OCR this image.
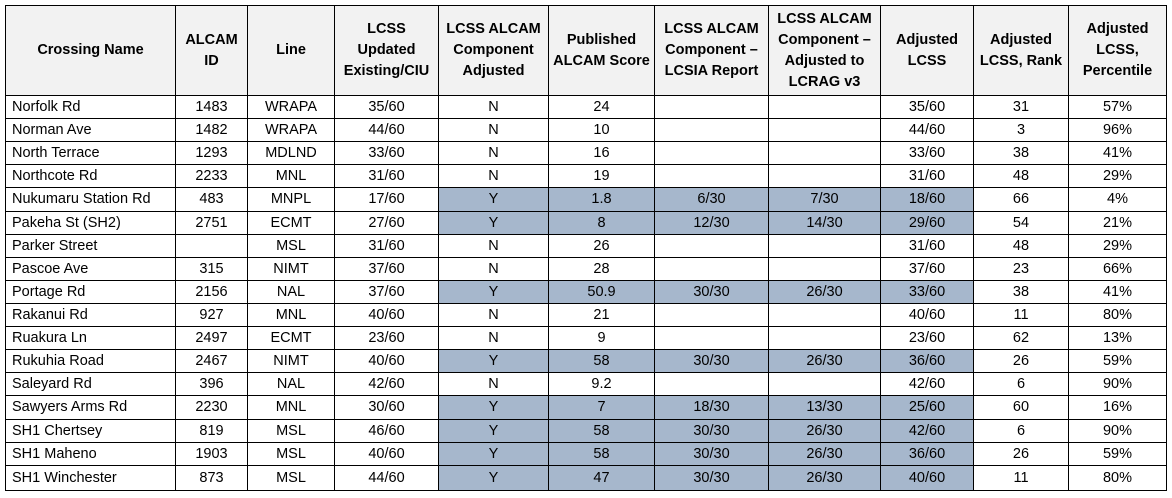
Crossing Name	ALCAM ID	Line	LCSS Updated Existing/CIU	LCSS ALCAM Component Adjusted	Published ALCAM Score	LCSS ALCAM Component – LCSIA Report	LCSS ALCAM Component – Adjusted to LCRAG v3	Adjusted LCSS	Adjusted LCSS, Rank	Adjusted LCSS, Percentile
Norfolk Rd	1483	WRAPA	35/60	N	24			35/60	31	57%
Norman Ave	1482	WRAPA	44/60	N	10			44/60	3	96%
North Terrace	1293	MDLND	33/60	N	16			33/60	38	41%
Northcote Rd	2233	MNL	31/60	N	19			31/60	48	29%
Nukumaru Station Rd	483	MNPL	17/60	Y	1.8	6/30	7/30	18/60	66	4%
Pakeha St (SH2)	2751	ECMT	27/60	Y	8	12/30	14/30	29/60	54	21%
Parker Street		MSL	31/60	N	26			31/60	48	29%
Pascoe Ave	315	NIMT	37/60	N	28			37/60	23	66%
Portage Rd	2156	NAL	37/60	Y	50.9	30/30	26/30	33/60	38	41%
Rakanui Rd	927	MNL	40/60	N	21			40/60	11	80%
Ruakura Ln	2497	ECMT	23/60	N	9			23/60	62	13%
Rukuhia Road	2467	NIMT	40/60	Y	58	30/30	26/30	36/60	26	59%
Saleyard Rd	396	NAL	42/60	N	9.2			42/60	6	90%
Sawyers Arms Rd	2230	MNL	30/60	Y	7	18/30	13/30	25/60	60	16%
SH1 Chertsey	819	MSL	46/60	Y	58	30/30	26/30	42/60	6	90%
SH1 Maheno	1903	MSL	40/60	Y	58	30/30	26/30	36/60	26	59%
SH1 Winchester	873	MSL	44/60	Y	47	30/30	26/30	40/60	11	80%
